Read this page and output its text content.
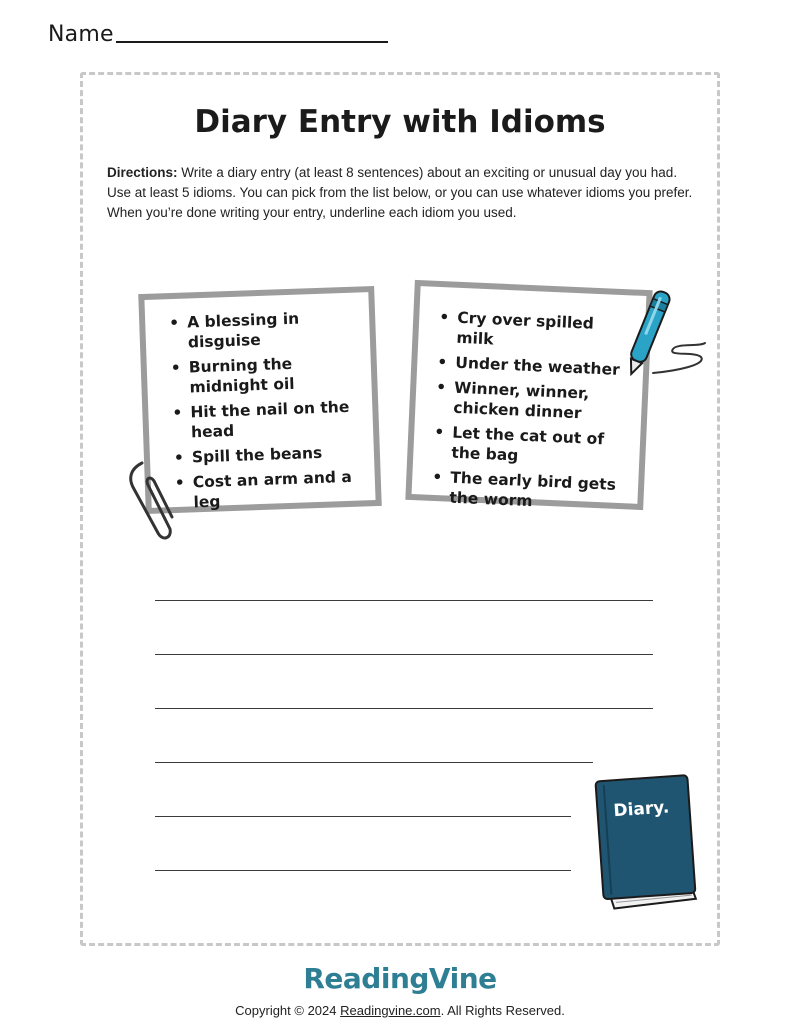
Name
Diary Entry with Idioms
Directions: Write a diary entry (at least 8 sentences) about an exciting or unusual day you had. Use at least 5 idioms. You can pick from the list below, or you can use whatever idioms you prefer. When you’re done writing your entry, underline each idiom you used.
• A blessing in disguise
• Burning the midnight oil
• Hit the nail on the head
• Spill the beans
• Cost an arm and a leg
• Cry over spilled milk
• Under the weather
• Winner, winner, chicken dinner
• Let the cat out of the bag
• The early bird gets the worm
Diary.
ReadingVine
Copyright © 2024 Readingvine.com. All Rights Reserved.
